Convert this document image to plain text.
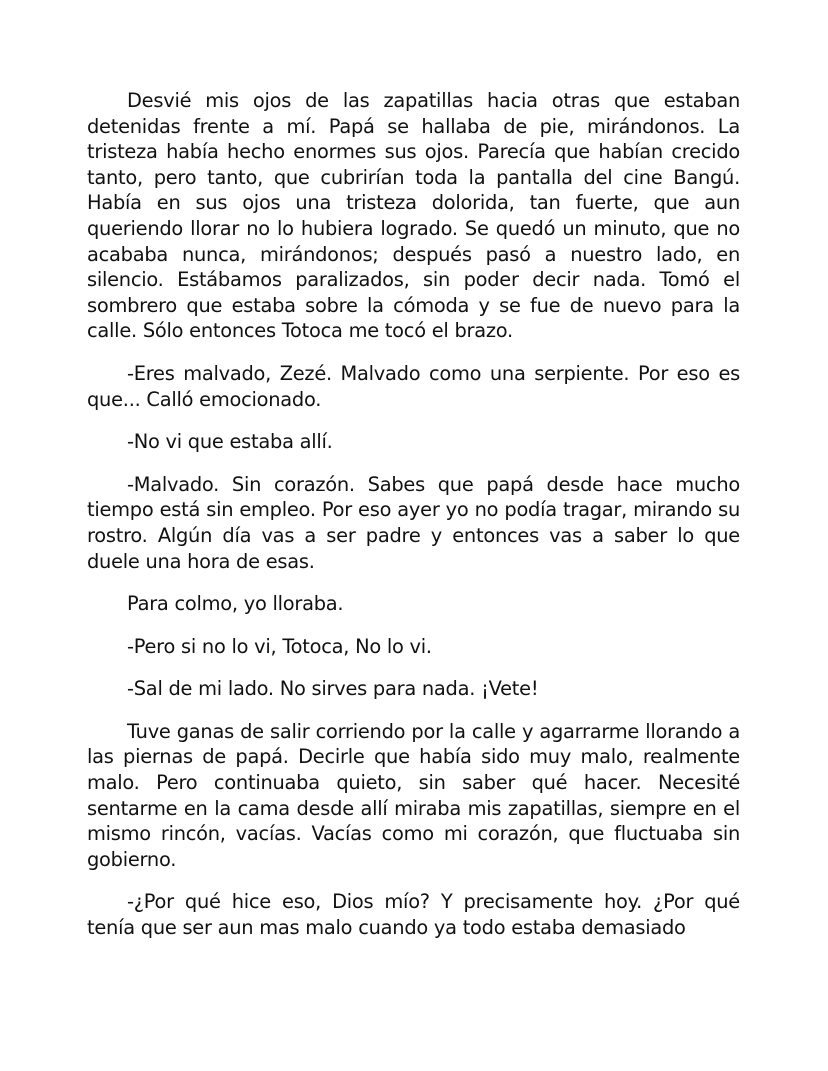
Desvié mis ojos de las zapatillas hacia otras que estaban detenidas frente a mí. Papá se hallaba de pie, mirándonos. La tristeza había hecho enormes sus ojos. Parecía que habían crecido tanto, pero tanto, que cubrirían toda la pantalla del cine Bangú. Había en sus ojos una tristeza dolorida, tan fuerte, que aun queriendo llorar no lo hubiera logrado. Se quedó un minuto, que no acababa nunca, mirándonos; después pasó a nuestro lado, en silencio. Estábamos paralizados, sin poder decir nada. Tomó el sombrero que estaba sobre la cómoda y se fue de nuevo para la calle. Sólo entonces Totoca me tocó el brazo.

-Eres malvado, Zezé. Malvado como una serpiente. Por eso es que... Calló emocionado.

-No vi que estaba allí.

-Malvado. Sin corazón. Sabes que papá desde hace mucho tiempo está sin empleo. Por eso ayer yo no podía tragar, mirando su rostro. Algún día vas a ser padre y entonces vas a saber lo que duele una hora de esas.

Para colmo, yo lloraba.

-Pero si no lo vi, Totoca, No lo vi.

-Sal de mi lado. No sirves para nada. ¡Vete!

Tuve ganas de salir corriendo por la calle y agarrarme llorando a las piernas de papá. Decirle que había sido muy malo, realmente malo. Pero continuaba quieto, sin saber qué hacer. Necesité sentarme en la cama desde allí miraba mis zapatillas, siempre en el mismo rincón, vacías. Vacías como mi corazón, que fluctuaba sin gobierno.

-¿Por qué hice eso, Dios mío? Y precisamente hoy. ¿Por qué tenía que ser aun mas malo cuando ya todo estaba demasiado
